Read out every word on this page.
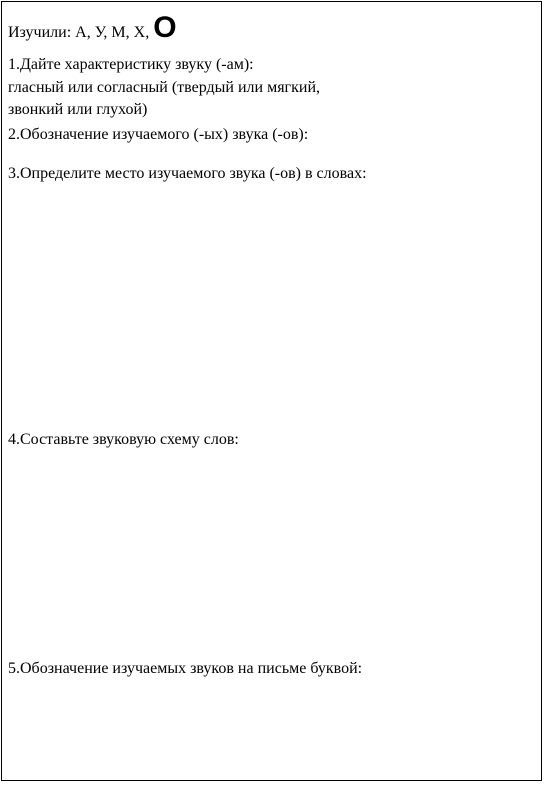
Изучили: А, У, М, Х, О
1.Дайте характеристику звуку (-ам):
гласный или согласный (твердый или мягкий,
звонкий или глухой)
2.Обозначение изучаемого (-ых) звука (-ов):
3.Определите место изучаемого звука (-ов) в словах:
4.Составьте звуковую схему слов:
5.Обозначение изучаемых звуков на письме буквой:
